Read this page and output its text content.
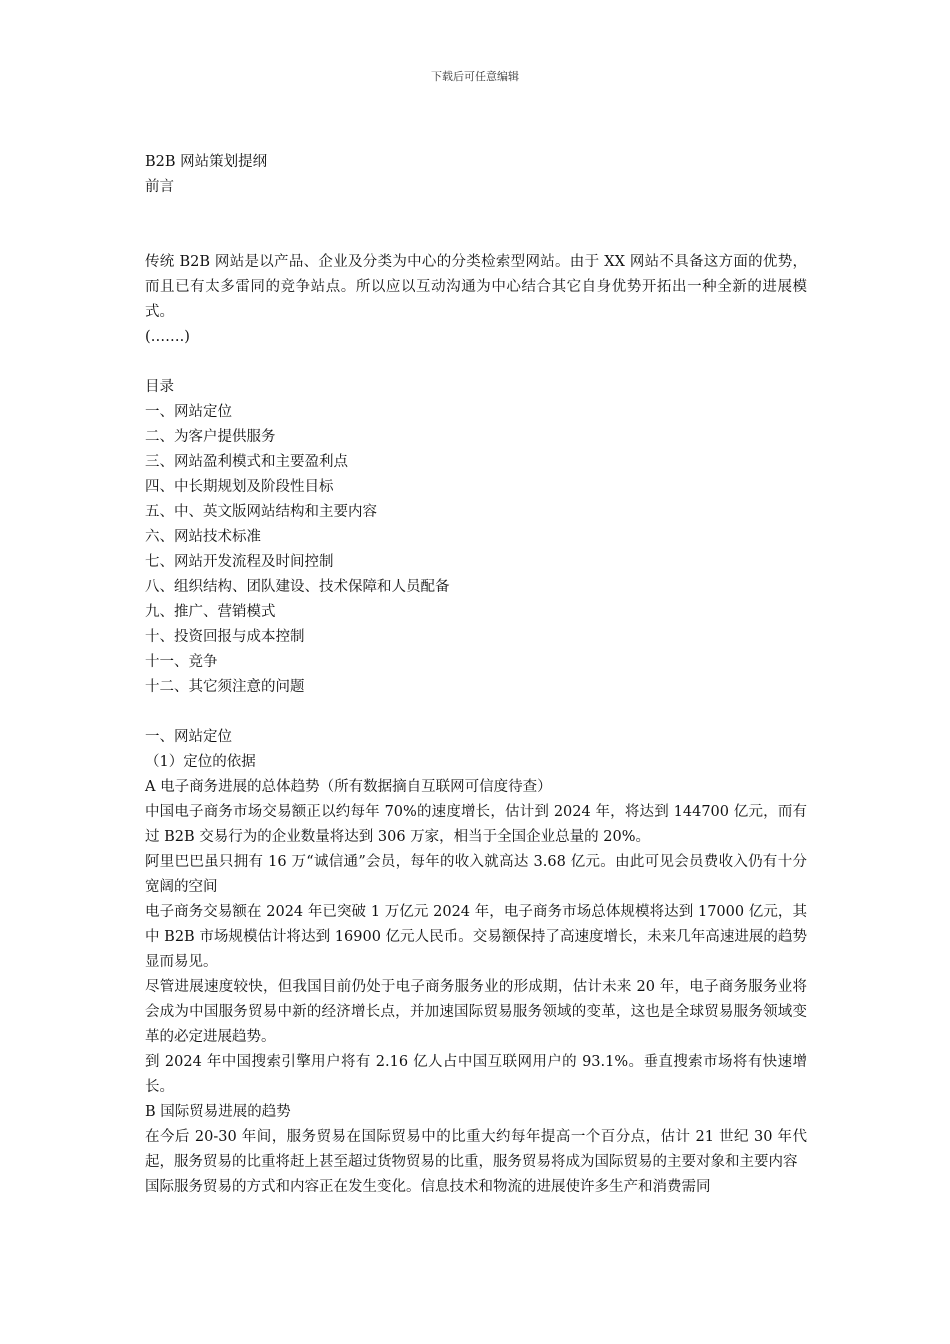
下载后可任意编辑

B2B 网站策划提纲

前言

传统 B2B 网站是以产品、企业及分类为中心的分类检索型网站。由于 XX 网站不具备这方面的优势，而且已有太多雷同的竞争站点。所以应以互动沟通为中心结合其它自身优势开拓出一种全新的进展模式。

(…….)

目录

一、网站定位

二、为客户提供服务

三、网站盈利模式和主要盈利点

四、中长期规划及阶段性目标

五、中、英文版网站结构和主要内容

六、网站技术标准

七、网站开发流程及时间控制

八、组织结构、团队建设、技术保障和人员配备

九、推广、营销模式

十、投资回报与成本控制

十一、竞争

十二、其它须注意的问题

一、网站定位

（1）定位的依据

A 电子商务进展的总体趋势（所有数据摘自互联网可信度待查）

中国电子商务市场交易额正以约每年 70%的速度增长，估计到 2024 年，将达到 144700 亿元，而有过 B2B 交易行为的企业数量将达到 306 万家，相当于全国企业总量的 20%。

阿里巴巴虽只拥有 16 万“诚信通”会员，每年的收入就高达 3.68 亿元。由此可见会员费收入仍有十分宽阔的空间

电子商务交易额在 2024 年已突破 1 万亿元 2024 年，电子商务市场总体规模将达到 17000 亿元，其中 B2B 市场规模估计将达到 16900 亿元人民币。交易额保持了高速度增长，未来几年高速进展的趋势显而易见。

尽管进展速度较快，但我国目前仍处于电子商务服务业的形成期，估计未来 20 年，电子商务服务业将会成为中国服务贸易中新的经济增长点，并加速国际贸易服务领域的变革，这也是全球贸易服务领域变革的必定进展趋势。

到 2024 年中国搜索引擎用户将有 2.16 亿人占中国互联网用户的 93.1%。垂直搜索市场将有快速增长。

B 国际贸易进展的趋势

在今后 20-30 年间，服务贸易在国际贸易中的比重大约每年提高一个百分点，估计 21 世纪 30 年代起，服务贸易的比重将赶上甚至超过货物贸易的比重，服务贸易将成为国际贸易的主要对象和主要内容

国际服务贸易的方式和内容正在发生变化。信息技术和物流的进展使许多生产和消费需同
